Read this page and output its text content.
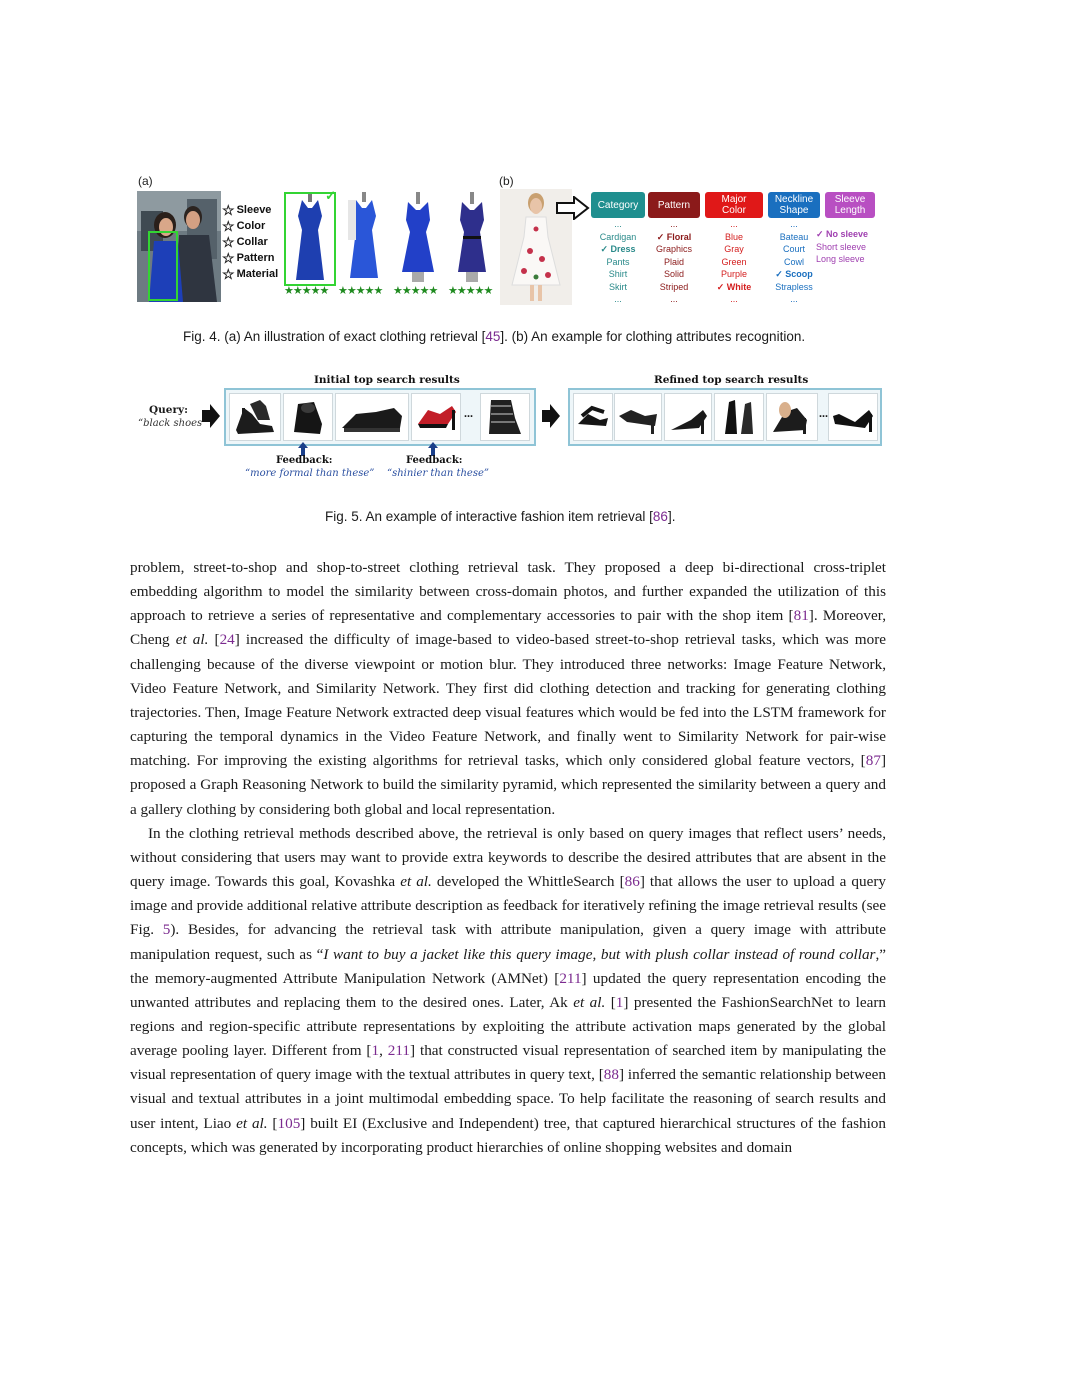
(a)
☆ Sleeve
☆ Color
☆ Collar
☆ Pattern
☆ Material
✓
★★★★★ ★★★★★ ★★★★★ ★★★★★
(b)
Category Pattern	Major Color
Neckline Shape
Sleeve Length
...
Cardigan
✓ Dress
Pants
Shirt
Skirt
...
...
✓ Floral
Graphics
Plaid
Solid
Striped
...
...
Blue
Gray
Green
Purple
✓ White
...
...
Bateau
Court
Cowl
✓ Scoop
Strapless
...
✓ No sleeve
Short sleeve
Long sleeve
Fig. 4. (a) An illustration of exact clothing retrieval [45]. (b) An example for clothing attributes recognition.
Query:
“black shoes”
Initial top search results
...
Feedback:
“more formal than these”
Feedback:
“shinier than these”
Refined top search results
...
Fig. 5. An example of interactive fashion item retrieval [86].

problem, street-to-shop and shop-to-street clothing retrieval task. They proposed a deep bi-directional cross-triplet embedding algorithm to model the similarity between cross-domain photos, and further expanded the utilization of this approach to retrieve a series of representative and complementary accessories to pair with the shop item [81]. Moreover, Cheng et al. [24] increased the difficulty of image-based to video-based street-to-shop retrieval tasks, which was more challenging because of the diverse viewpoint or motion blur. They introduced three networks: Image Feature Network, Video Feature Network, and Similarity Network. They first did clothing detection and tracking for generating clothing trajectories. Then, Image Feature Network extracted deep visual features which would be fed into the LSTM framework for capturing the temporal dynamics in the Video Feature Network, and finally went to Similarity Network for pair-wise matching. For improving the existing algorithms for retrieval tasks, which only considered global feature vectors, [87] proposed a Graph Reasoning Network to build the similarity pyramid, which represented the similarity between a query and a gallery clothing by considering both global and local representation.

In the clothing retrieval methods described above, the retrieval is only based on query images that reflect users’ needs, without considering that users may want to provide extra keywords to describe the desired attributes that are absent in the query image. Towards this goal, Kovashka et al. developed the WhittleSearch [86] that allows the user to upload a query image and provide additional relative attribute description as feedback for iteratively refining the image retrieval results (see Fig. 5). Besides, for advancing the retrieval task with attribute manipulation, given a query image with attribute manipulation request, such as “I want to buy a jacket like this query image, but with plush collar instead of round collar,” the memory-augmented Attribute Manipulation Network (AMNet) [211] updated the query representation encoding the unwanted attributes and replacing them to the desired ones. Later, Ak et al. [1] presented the FashionSearchNet to learn regions and region-specific attribute representations by exploiting the attribute activation maps generated by the global average pooling layer. Different from [1, 211] that constructed visual representation of searched item by manipulating the visual representation of query image with the textual attributes in query text, [88] inferred the semantic relationship between visual and textual attributes in a joint multimodal embedding space. To help facilitate the reasoning of search results and user intent, Liao et al. [105] built EI (Exclusive and Independent) tree, that captured hierarchical structures of the fashion concepts, which was generated by incorporating product hierarchies of online shopping websites and domain
